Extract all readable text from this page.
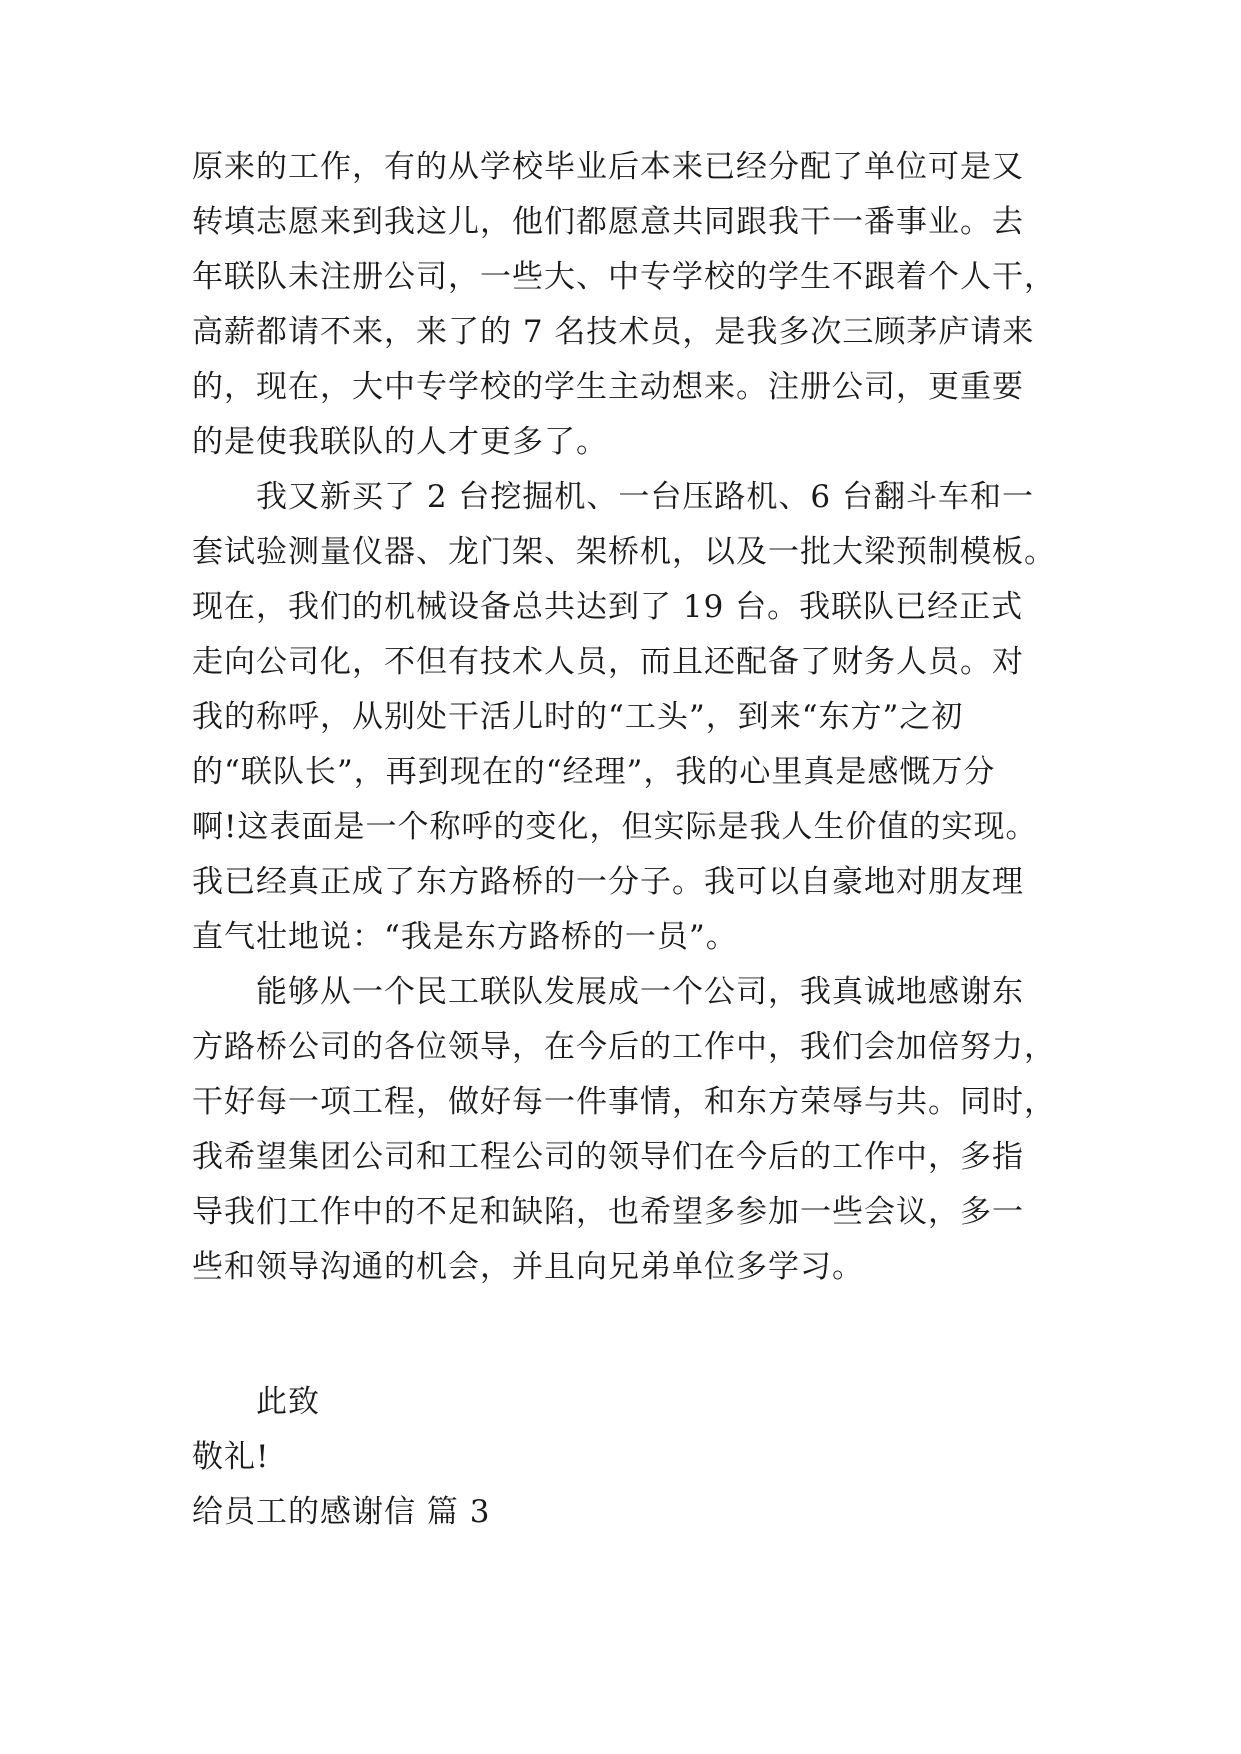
原来的工作，有的从学校毕业后本来已经分配了单位可是又
转填志愿来到我这儿，他们都愿意共同跟我干一番事业。去
年联队未注册公司，一些大、中专学校的学生不跟着个人干，
高薪都请不来，来了的 7 名技术员，是我多次三顾茅庐请来
的，现在，大中专学校的学生主动想来。注册公司，更重要
的是使我联队的人才更多了。
我又新买了 2 台挖掘机、一台压路机、6 台翻斗车和一
套试验测量仪器、龙门架、架桥机，以及一批大梁预制模板。
现在，我们的机械设备总共达到了 19 台。我联队已经正式
走向公司化，不但有技术人员，而且还配备了财务人员。对
我的称呼，从别处干活儿时的“工头”，到来“东方”之初
的“联队长”，再到现在的“经理”，我的心里真是感慨万分
啊!这表面是一个称呼的变化，但实际是我人生价值的实现。
我已经真正成了东方路桥的一分子。我可以自豪地对朋友理
直气壮地说：“我是东方路桥的一员”。
能够从一个民工联队发展成一个公司，我真诚地感谢东
方路桥公司的各位领导，在今后的工作中，我们会加倍努力，
干好每一项工程，做好每一件事情，和东方荣辱与共。同时，
我希望集团公司和工程公司的领导们在今后的工作中，多指
导我们工作中的不足和缺陷，也希望多参加一些会议，多一
些和领导沟通的机会，并且向兄弟单位多学习。
此致
敬礼!
给员工的感谢信 篇 3
